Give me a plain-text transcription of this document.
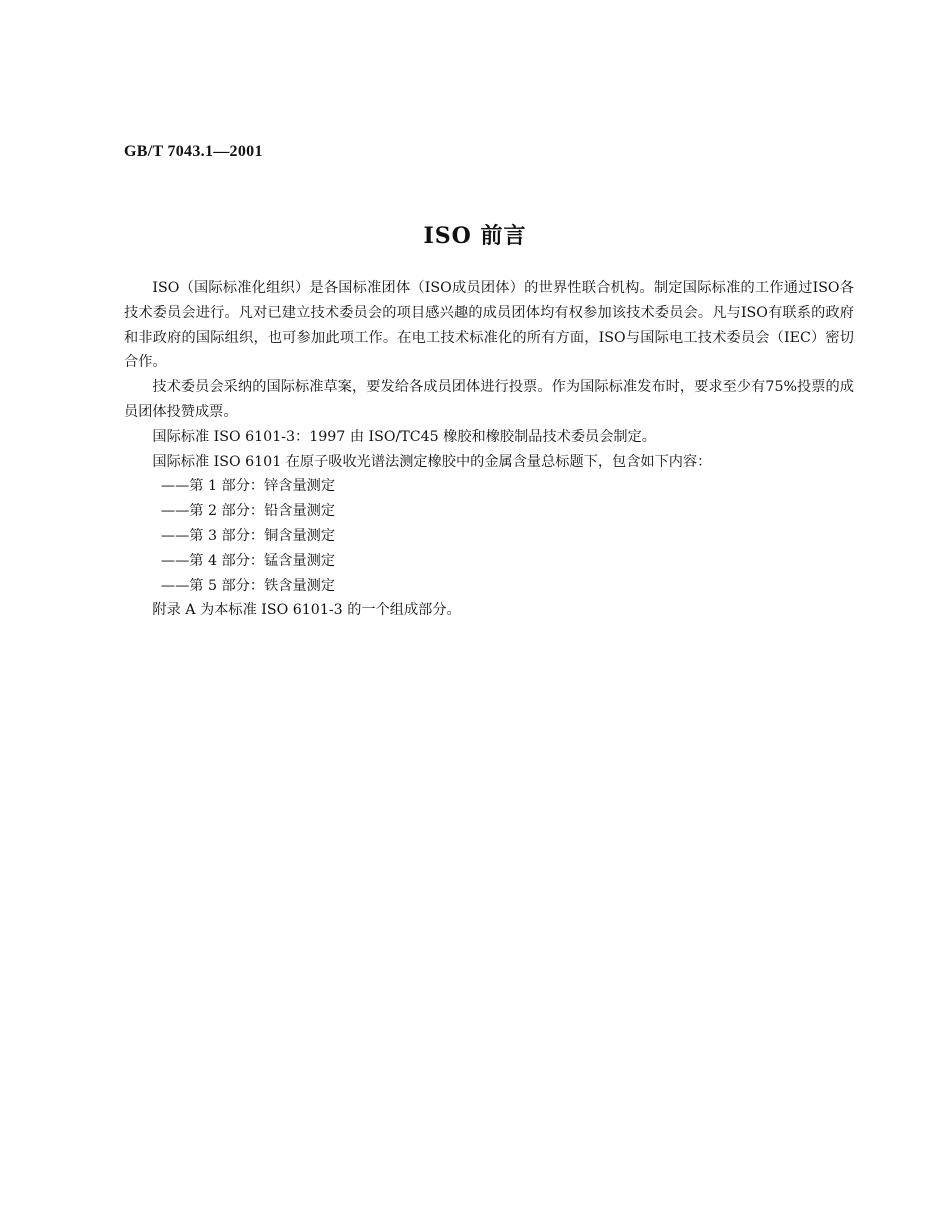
GB/T 7043.1—2001
ISO 前言

ISO（国际标准化组织）是各国标准团体（ISO成员团体）的世界性联合机构。制定国际标准的工作通过ISO各技术委员会进行。凡对已建立技术委员会的项目感兴趣的成员团体均有权参加该技术委员会。凡与ISO有联系的政府和非政府的国际组织，也可参加此项工作。在电工技术标准化的所有方面，ISO与国际电工技术委员会（IEC）密切合作。

技术委员会采纳的国际标准草案，要发给各成员团体进行投票。作为国际标准发布时，要求至少有75%投票的成员团体投赞成票。

国际标准 ISO 6101-3：1997 由 ISO/TC45 橡胶和橡胶制品技术委员会制定。

国际标准 ISO 6101 在原子吸收光谱法测定橡胶中的金属含量总标题下，包含如下内容：

——第 1 部分：锌含量测定

——第 2 部分：铅含量测定

——第 3 部分：铜含量测定

——第 4 部分：锰含量测定

——第 5 部分：铁含量测定

附录 A 为本标准 ISO 6101-3 的一个组成部分。
